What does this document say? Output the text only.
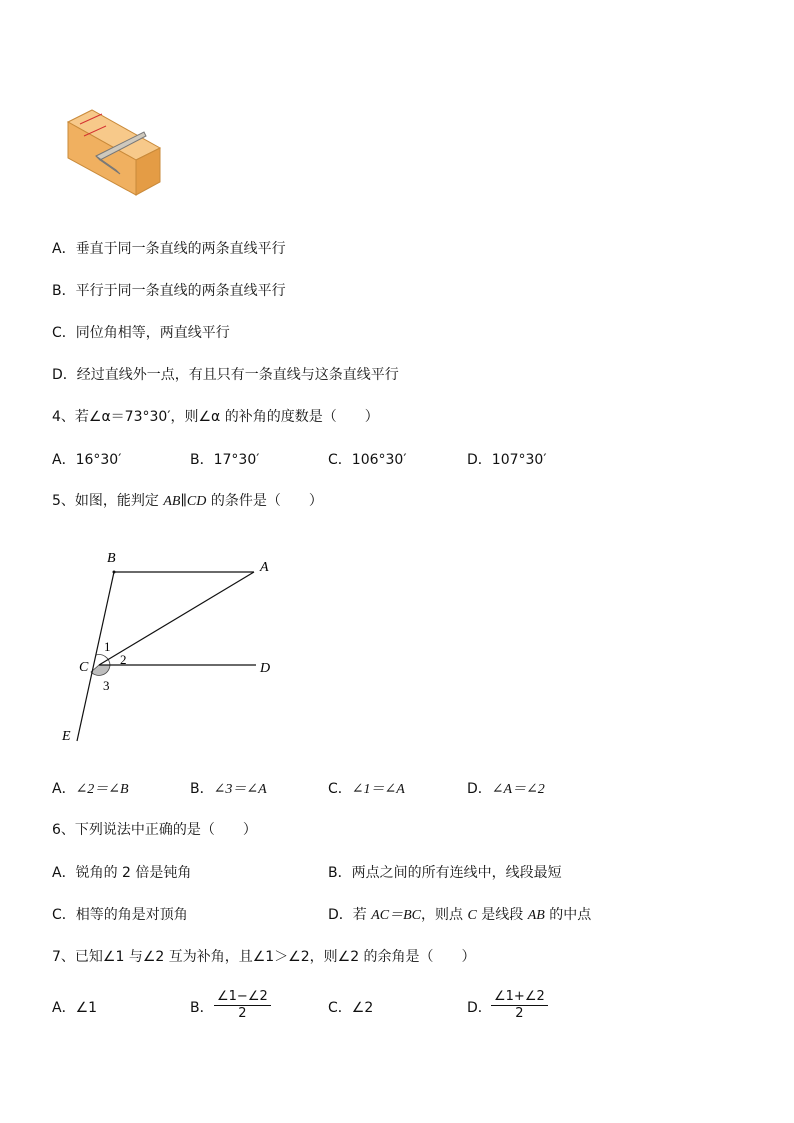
A．垂直于同一条直线的两条直线平行
B．平行于同一条直线的两条直线平行
C．同位角相等，两直线平行
D．经过直线外一点，有且只有一条直线与这条直线平行
4、若∠α＝73°30′，则∠α 的补角的度数是（　　）
A．16°30′	B．17°30′	C．106°30′	D．107°30′
5、如图，能判定 AB∥CD 的条件是（　　）
B
A
C	D
E
1
2
3
A．∠2＝∠B	B．∠3＝∠A	C．∠1＝∠A	D．∠A＝∠2
6、下列说法中正确的是（　　）
A．锐角的 2 倍是钝角	B．两点之间的所有连线中，线段最短
C．相等的角是对顶角	D．若 AC＝BC，则点 C 是线段 AB 的中点
7、已知∠1 与∠2 互为补角，且∠1＞∠2，则∠2 的余角是（　　）
A．∠1	B． $\frac{\angle 1-\angle 2}{2}$	C．∠2	D． $\frac{\angle 1+\angle 2}{2}$
